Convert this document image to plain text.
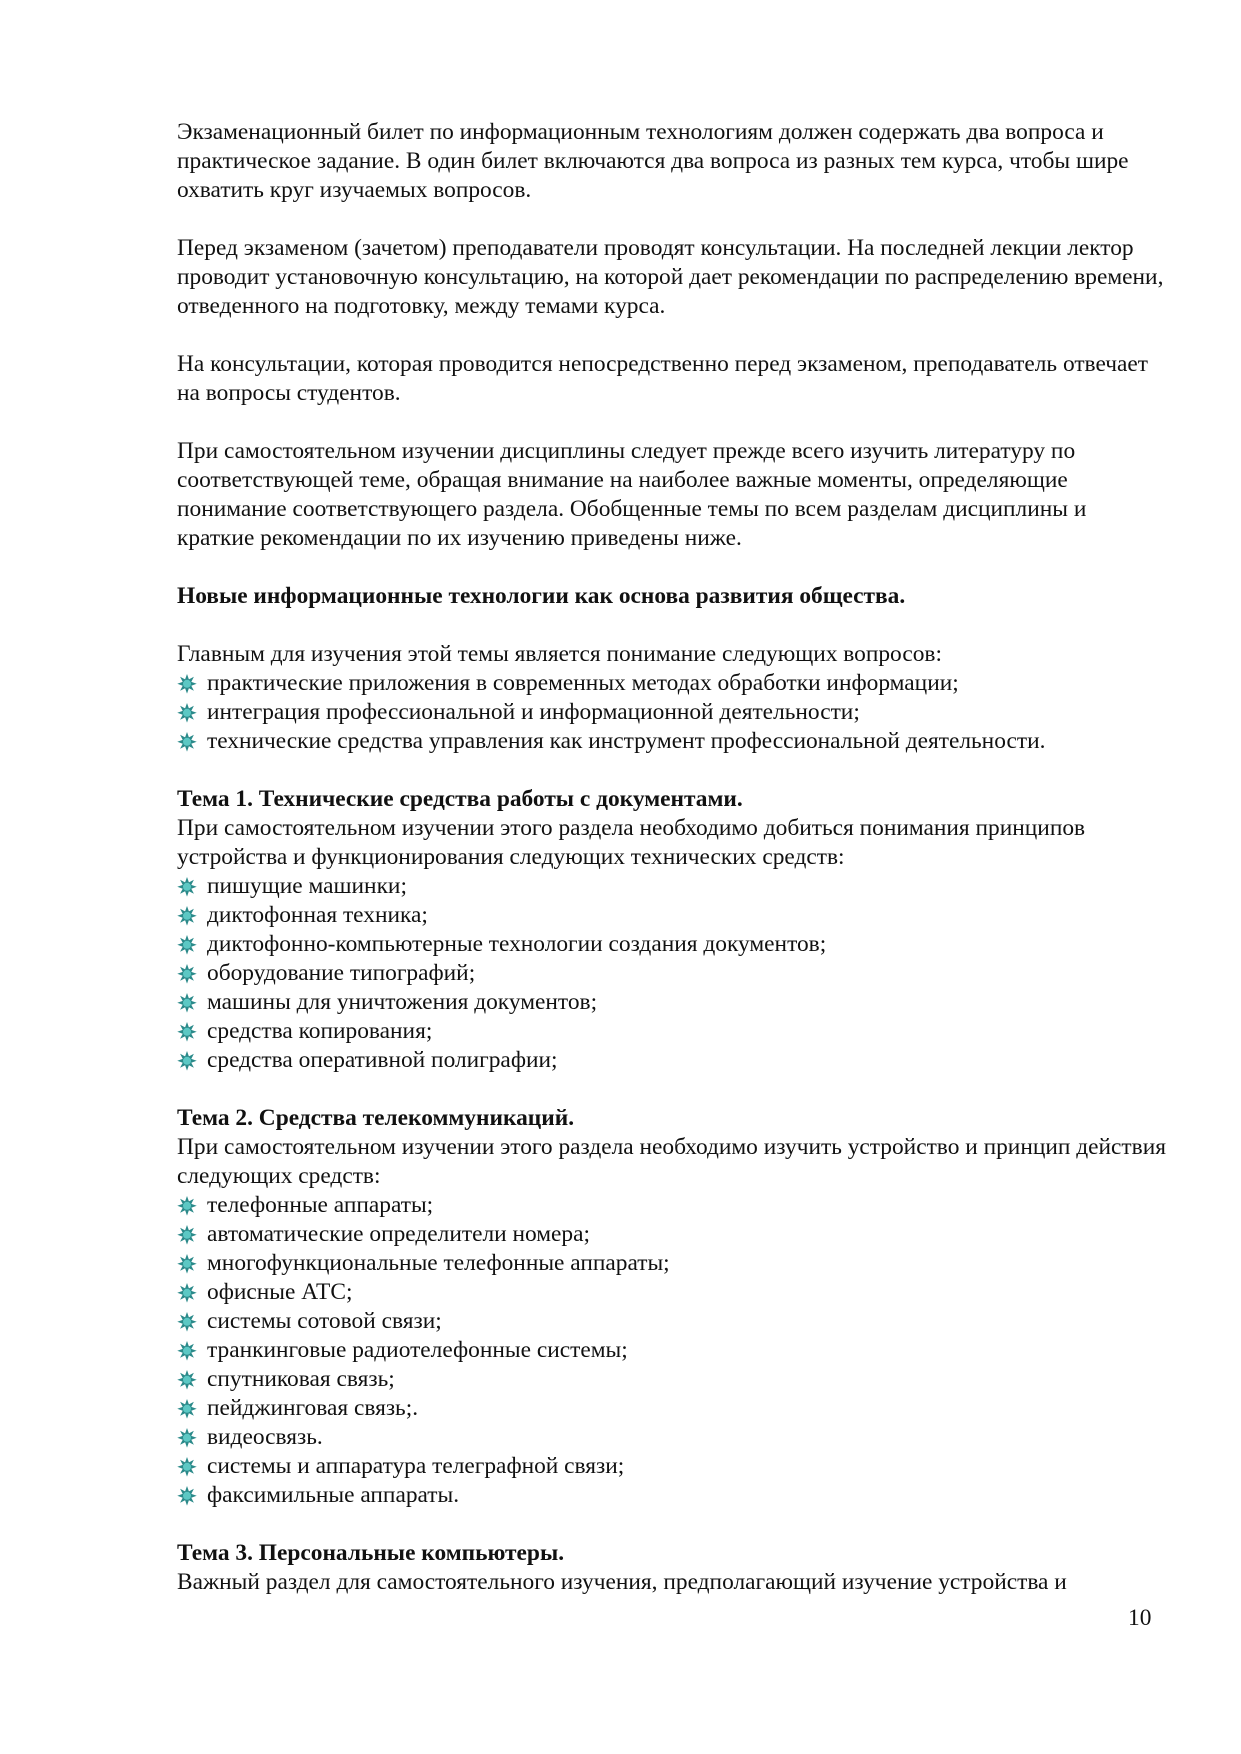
Экзаменационный билет по информационным технологиям должен содержать два вопроса и практическое задание. В один билет включаются два вопроса из разных тем курса, чтобы шире охватить круг изучаемых вопросов.

Перед экзаменом (зачетом) преподаватели проводят консультации. На последней лекции лектор проводит установочную консультацию, на которой дает рекомендации по распределению времени, отведенного на подготовку, между темами курса.

На консультации, которая проводится непосредственно перед экзаменом, преподаватель отвечает на вопросы студентов.

При самостоятельном изучении дисциплины следует прежде всего изучить литературу по соответствующей теме, обращая внимание на наиболее важные моменты, определяющие понимание соответствующего раздела. Обобщенные темы по всем разделам дисциплины и краткие рекомендации по их изучению приведены ниже.

Новые информационные технологии как основа развития общества.

Главным для изучения этой темы является понимание следующих вопросов:

практические приложения в современных методах обработки информации;
интеграция профессиональной и информационной деятельности;
технические средства управления как инструмент профессиональной деятельности.

Тема 1. Технические средства работы с документами.

При самостоятельном изучении этого раздела необходимо добиться понимания принципов устройства и функционирования следующих технических средств:

пишущие машинки;
диктофонная техника;
диктофонно-компьютерные технологии создания документов;
оборудование типографий;
машины для уничтожения документов;
средства копирования;
средства оперативной полиграфии;

Тема 2. Средства телекоммуникаций.

При самостоятельном изучении этого раздела необходимо изучить устройство и принцип действия следующих средств:

телефонные аппараты;
автоматические определители номера;
многофункциональные телефонные аппараты;
офисные АТС;
системы сотовой связи;
транкинговые радиотелефонные системы;
спутниковая связь;
пейджинговая связь;.
видеосвязь.
системы и аппаратура телеграфной связи;
факсимильные аппараты.

Тема 3. Персональные компьютеры.

Важный раздел для самостоятельного изучения, предполагающий изучение устройства и

10
